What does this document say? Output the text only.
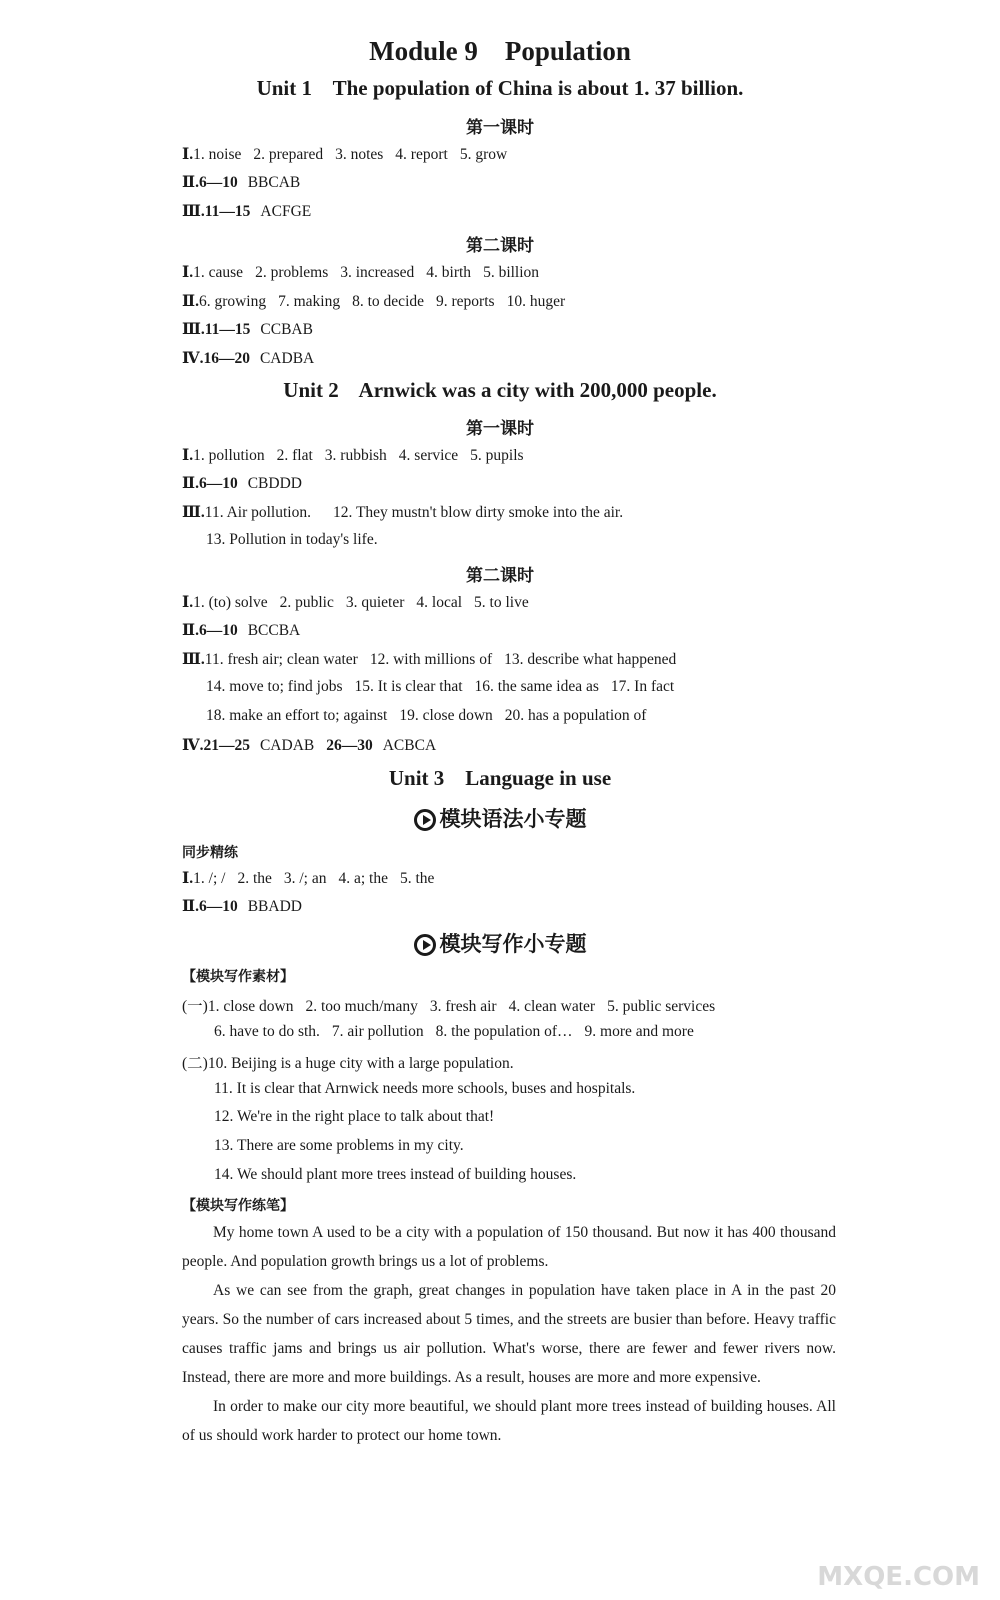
Module 9    Population
Unit 1    The population of China is about 1. 37 billion.
第一课时
Ⅰ.1. noise 2. prepared 3. notes 4. report 5. grow
Ⅱ.6—10 BBCAB
Ⅲ.11—15 ACFGE
第二课时
Ⅰ.1. cause 2. problems 3. increased 4. birth 5. billion
Ⅱ.6. growing 7. making 8. to decide 9. reports 10. huger
Ⅲ.11—15 CCBAB
Ⅳ.16—20 CADBA
Unit 2    Arnwick was a city with 200,000 people.
第一课时
Ⅰ.1. pollution 2. flat 3. rubbish 4. service 5. pupils
Ⅱ.6—10 CBDDD
Ⅲ.11. Air pollution. 12. They mustn't blow dirty smoke into the air.
13. Pollution in today's life.
第二课时
Ⅰ.1. (to) solve 2. public 3. quieter 4. local 5. to live
Ⅱ.6—10 BCCBA
Ⅲ.11. fresh air; clean water 12. with millions of 13. describe what happened
14. move to; find jobs 15. It is clear that 16. the same idea as 17. In fact
18. make an effort to; against 19. close down 20. has a population of
Ⅳ.21—25 CADAB 26—30 ACBCA
Unit 3    Language in use
模块语法小专题
同步精练
Ⅰ.1. /; / 2. the 3. /; an 4. a; the 5. the
Ⅱ.6—10 BBADD
模块写作小专题
【模块写作素材】
(一)1. close down 2. too much/many 3. fresh air 4. clean water 5. public services
6. have to do sth. 7. air pollution 8. the population of… 9. more and more
(二)10. Beijing is a huge city with a large population.
11. It is clear that Arnwick needs more schools, buses and hospitals.
12. We're in the right place to talk about that!
13. There are some problems in my city.
14. We should plant more trees instead of building houses.
【模块写作练笔】

My home town A used to be a city with a population of 150 thousand. But now it has 400 thousand people. And population growth brings us a lot of problems.

As we can see from the graph, great changes in population have taken place in A in the past 20 years. So the number of cars increased about 5 times, and the streets are busier than before. Heavy traffic causes traffic jams and brings us air pollution. What's worse, there are fewer and fewer rivers now. Instead, there are more and more buildings. As a result, houses are more and more expensive.

In order to make our city more beautiful, we should plant more trees instead of building houses. All of us should work harder to protect our home town.

MXQE.COM
